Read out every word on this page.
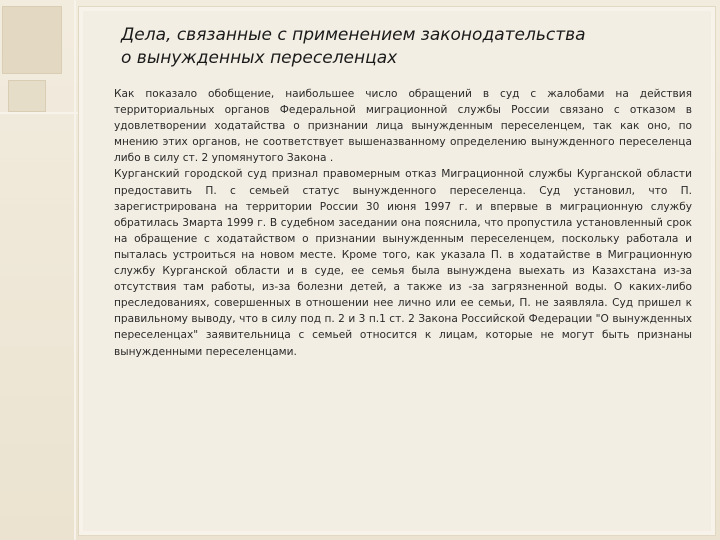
Дела, связанные с применением законодательства
о вынужденных переселенцах

Как показало обобщение, наибольшее число обращений в суд с жалобами на действия территориальных органов Федеральной миграционной службы России связано с отказом в удовлетворении ходатайства о признании лица вынужденным переселенцем, так как оно, по мнению этих органов, не соответствует вышеназванному определению вынужденного переселенца либо в силу ст. 2 упомянутого Закона .

Курганский городской суд признал правомерным отказ Миграционной службы Курганской области предоставить П. с семьей статус вынужденного переселенца. Суд установил, что П. зарегистрирована на территории России 30 июня 1997 г. и впервые в миграционную службу обратилась 3марта 1999 г. В судебном заседании она пояснила, что пропустила установленный срок на обращение с ходатайством о признании вынужденным переселенцем, поскольку работала и пыталась устроиться на новом месте. Кроме того, как указала П. в ходатайстве в Миграционную службу Курганской области и в суде, ее семья была вынуждена выехать из Казахстана из-за отсутствия там работы, из-за болезни детей, а также из -за загрязненной воды. О каких-либо преследованиях, совершенных в отношении нее лично или ее семьи, П. не заявляла. Суд пришел к правильному выводу, что в силу под п. 2 и 3 п.1 ст. 2 Закона Российской Федерации "О вынужденных переселенцах" заявительница с семьей относится к лицам, которые не могут быть признаны вынужденными переселенцами.
